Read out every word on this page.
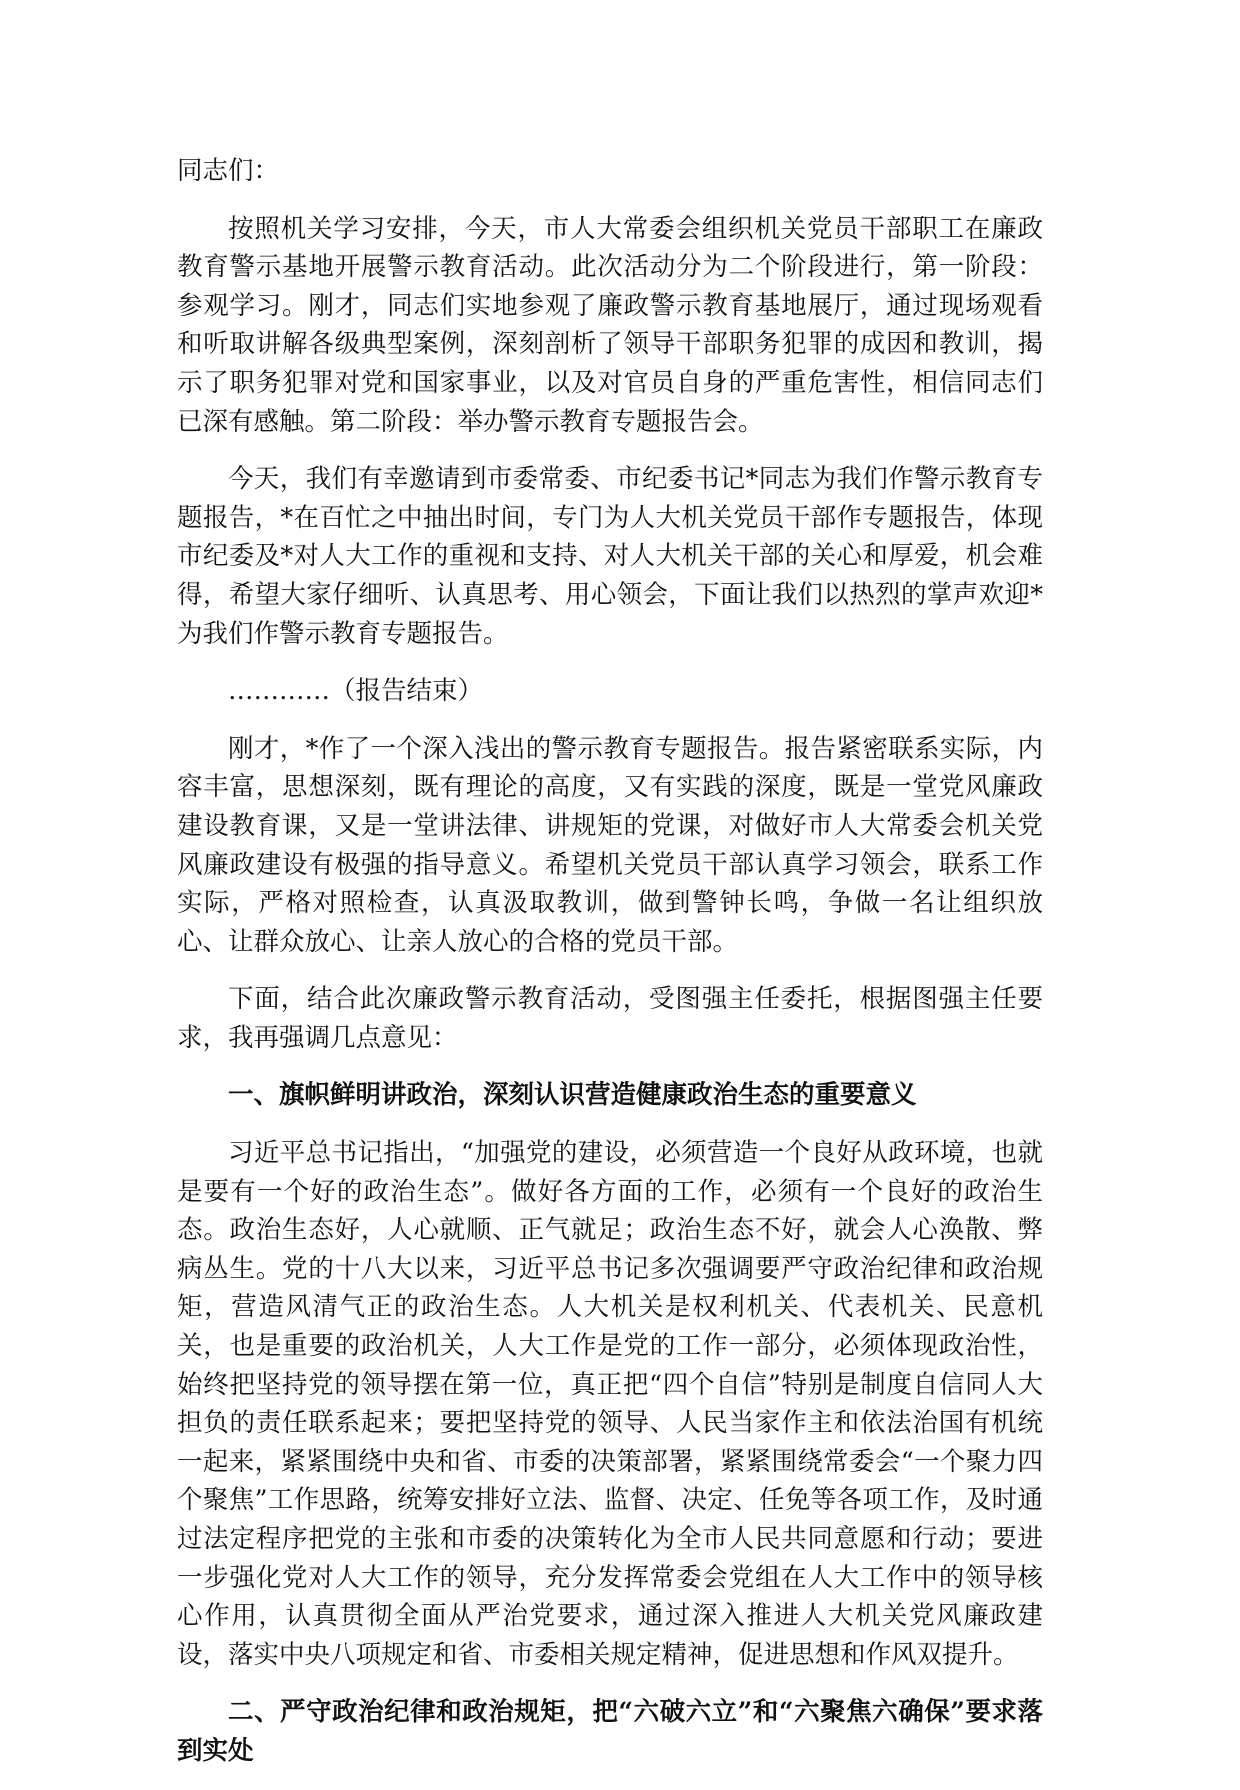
同志们：

按照机关学习安排，今天，市人大常委会组织机关党员干部职工在廉政教育警示基地开展警示教育活动。此次活动分为二个阶段进行，第一阶段：参观学习。刚才，同志们实地参观了廉政警示教育基地展厅，通过现场观看和听取讲解各级典型案例，深刻剖析了领导干部职务犯罪的成因和教训，揭示了职务犯罪对党和国家事业，以及对官员自身的严重危害性，相信同志们已深有感触。第二阶段：举办警示教育专题报告会。

今天，我们有幸邀请到市委常委、市纪委书记*同志为我们作警示教育专题报告，*在百忙之中抽出时间，专门为人大机关党员干部作专题报告，体现市纪委及*对人大工作的重视和支持、对人大机关干部的关心和厚爱，机会难得，希望大家仔细听、认真思考、用心领会，下面让我们以热烈的掌声欢迎*为我们作警示教育专题报告。

…………（报告结束）

刚才，*作了一个深入浅出的警示教育专题报告。报告紧密联系实际，内容丰富，思想深刻，既有理论的高度，又有实践的深度，既是一堂党风廉政建设教育课，又是一堂讲法律、讲规矩的党课，对做好市人大常委会机关党风廉政建设有极强的指导意义。希望机关党员干部认真学习领会，联系工作实际，严格对照检查，认真汲取教训，做到警钟长鸣，争做一名让组织放心、让群众放心、让亲人放心的合格的党员干部。

下面，结合此次廉政警示教育活动，受图强主任委托，根据图强主任要求，我再强调几点意见：

一、旗帜鲜明讲政治，深刻认识营造健康政治生态的重要意义

习近平总书记指出，“加强党的建设，必须营造一个良好从政环境，也就是要有一个好的政治生态”。做好各方面的工作，必须有一个良好的政治生态。政治生态好，人心就顺、正气就足；政治生态不好，就会人心涣散、弊病丛生。党的十八大以来，习近平总书记多次强调要严守政治纪律和政治规矩，营造风清气正的政治生态。人大机关是权利机关、代表机关、民意机关，也是重要的政治机关，人大工作是党的工作一部分，必须体现政治性，始终把坚持党的领导摆在第一位，真正把“四个自信”特别是制度自信同人大担负的责任联系起来；要把坚持党的领导、人民当家作主和依法治国有机统一起来，紧紧围绕中央和省、市委的决策部署，紧紧围绕常委会“一个聚力四个聚焦”工作思路，统筹安排好立法、监督、决定、任免等各项工作，及时通过法定程序把党的主张和市委的决策转化为全市人民共同意愿和行动；要进一步强化党对人大工作的领导，充分发挥常委会党组在人大工作中的领导核心作用，认真贯彻全面从严治党要求，通过深入推进人大机关党风廉政建设，落实中央八项规定和省、市委相关规定精神，促进思想和作风双提升。

二、严守政治纪律和政治规矩，把“六破六立”和“六聚焦六确保”要求落到实处
